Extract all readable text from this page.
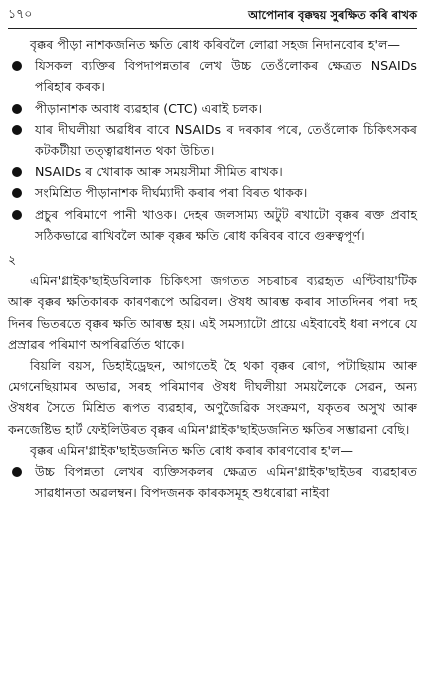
১৭০	আপোনাৰ বৃক্কদ্বয় সুৰক্ষিত কৰি ৰাখক

বৃক্কৰ পীড়া নাশকজনিত ক্ষতি ৰোধ কৰিবলৈ লোৱা সহজ নিদানবোৰ হ'ল—

যিসকল ব্যক্তিৰ বিপদাপন্নতাৰ লেখ উচ্চ তেওঁলোকৰ ক্ষেত্ৰত NSAIDs পৰিহাৰ কৰক।
পীড়ানাশক অবাধ ব্যৱহাৰ (CTC) এৰাই চলক।
যাৰ দীঘলীয়া অৱধিৰ বাবে NSAIDs ৰ দৰকাৰ পৰে, তেওঁলোক চিকিৎসকৰ কটকটীয়া তত্ত্বাৱধানত থকা উচিত।
NSAIDs ৰ খোৰাক আৰু সময়সীমা সীমিত ৰাখক।
সংমিশ্ৰিত পীড়ানাশক দীৰ্ঘম্যাদী কৰাৰ পৰা বিৰত থাকক।
প্ৰচুৰ পৰিমাণে পানী খাওক। দেহৰ জলসাম্য অটুট ৰখাটো বৃক্কৰ ৰক্ত প্ৰবাহ সঠিকভাৱে ৰাখিবলৈ আৰু বৃক্কৰ ক্ষতি ৰোধ কৰিবৰ বাবে গুৰুত্বপূৰ্ণ।

২

এমিন'গ্লাইক'ছাইডবিলাক চিকিৎসা জগতত সচৰাচৰ ব্যৱহৃত এণ্টিবায়'টিক আৰু বৃক্কৰ ক্ষতিকাৰক কাৰণৰূপে অৱিবল। ঔষধ আৰম্ভ কৰাৰ সাতদিনৰ পৰা দহ দিনৰ ভিতৰতে বৃক্কৰ ক্ষতি আৰম্ভ হয়। এই সমস্যাটো প্ৰায়ে এইবাবেই ধৰা নপৰে যে প্ৰস্ৰাৱৰ পৰিমাণ অপৰিৱৰ্তিত থাকে।

বিয়লি বয়স, ডিহাইড্ৰেছন, আগতেই হৈ থকা বৃক্কৰ ৰোগ, পটাছিয়াম আৰু মেগনেছিয়ামৰ অভাৱ, সৰহ পৰিমাণৰ ঔষধ দীঘলীয়া সময়লৈকে সেৱন, অন্য ঔষধৰ সৈতে মিশ্ৰিত ৰূপত ব্যৱহাৰ, অণুজৈৱিক সংক্ৰমণ, যকৃতৰ অসুখ আৰু কনজেষ্টিভ হাৰ্ট ফেইলিউৰত বৃক্কৰ এমিন'গ্লাইক'ছাইডজনিত ক্ষতিৰ সম্ভাৱনা বেছি।

বৃক্কৰ এমিন'গ্লাইক'ছাইডজনিত ক্ষতি ৰোধ কৰাৰ কাৰণবোৰ হ'ল—

উচ্চ বিপন্নতা লেখৰ ব্যক্তিসকলৰ ক্ষেত্ৰত এমিন'গ্লাইক'ছাইডৰ ব্যৱহাৰত সাৱধানতা অৱলম্বন। বিপদজনক কাৰকসমূহ শুধৰোৱা নাইবা
